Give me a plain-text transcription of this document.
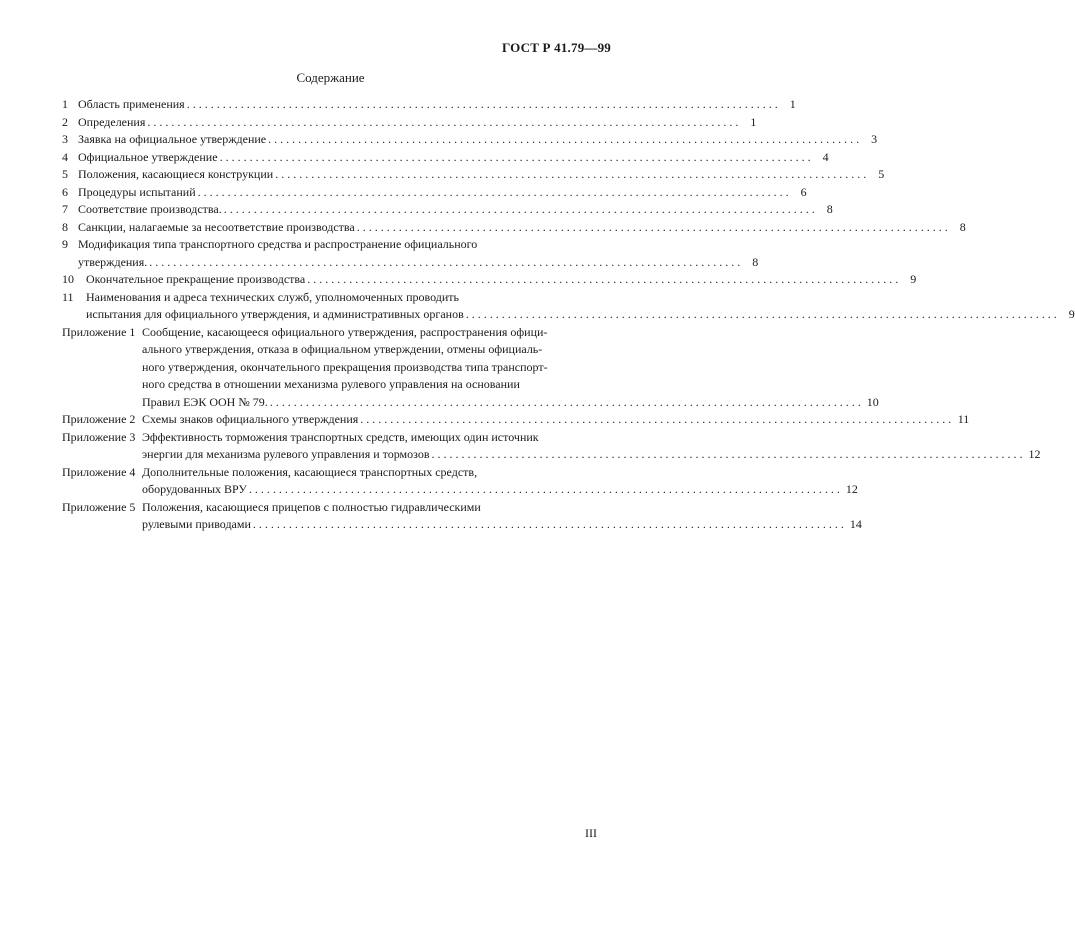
ГОСТ Р 41.79—99
Содержание
1 Область применения . . .	1
2 Определения . . .	1
3 Заявка на официальное утверждение . . .	3
4 Официальное утверждение . . .	4
5 Положения, касающиеся конструкции . . .	5
6 Процедуры испытаний . . .	6
7 Соответствие производства. . . .	8
8 Санкции, налагаемые за несоответствие производства . . .	8
9 Модификация типа транспортного средства и распространение официального
утверждения. . . .	8
10	Окончательное прекращение производства . . .	9
11	Наименования и адреса технических служб, уполномоченных проводить
испытания для официального утверждения, и административных органов . . .	9
Приложение 1 Сообщение, касающееся официального утверждения, распространения офици-
ального утверждения, отказа в официальном утверждении, отмены официаль-
ного утверждения, окончательного прекращения производства типа транспорт-
ного средства в отношении механизма рулевого управления на основании
Правил ЕЭК ООН № 79. . . .	10
Приложение 2 Схемы знаков официального утверждения . . .	11
Приложение 3 Эффективность торможения транспортных средств, имеющих один источник
энергии для механизма рулевого управления и тормозов . . .	12
Приложение 4 Дополнительные положения, касающиеся транспортных средств,
оборудованных ВРУ . . .	12
Приложение 5 Положения, касающиеся прицепов с полностью гидравлическими
рулевыми приводами . . .	14
III
